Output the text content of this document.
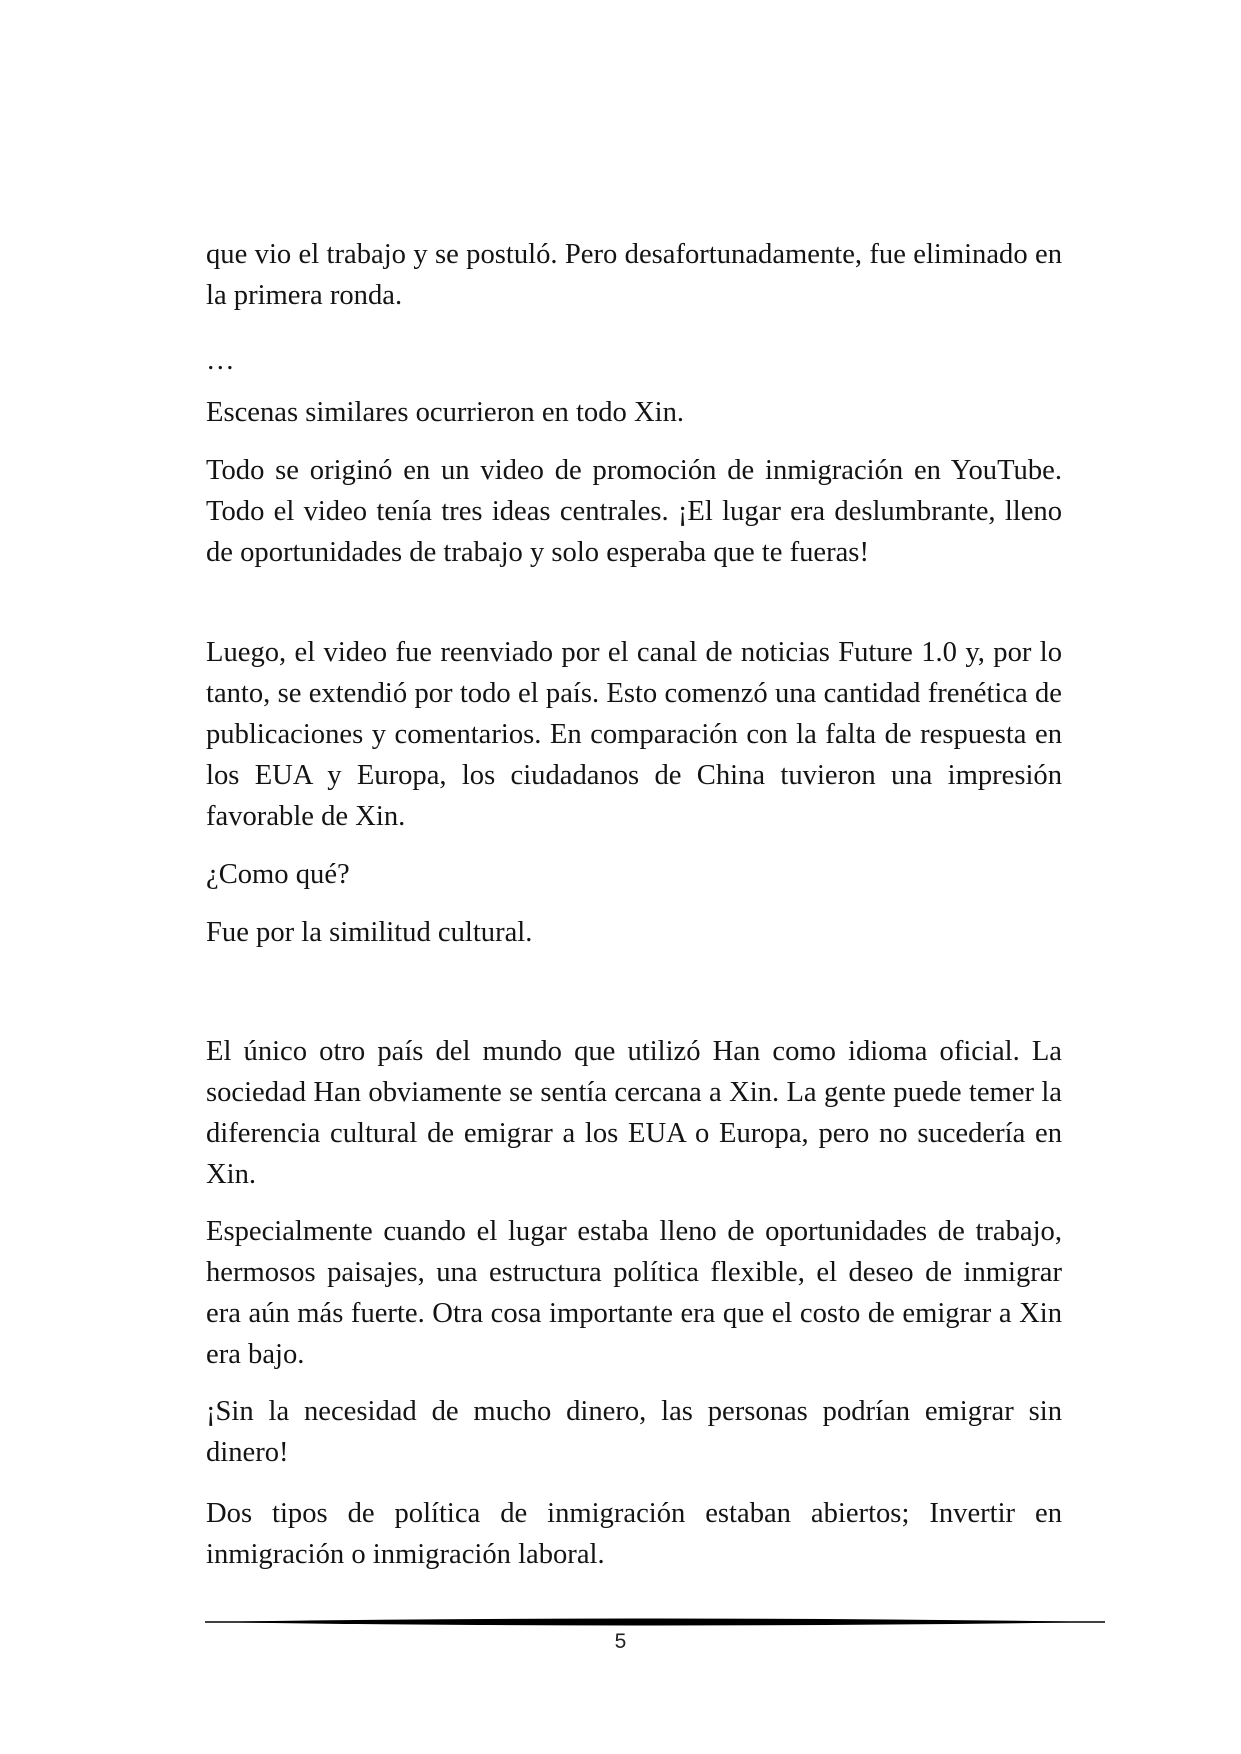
que vio el trabajo y se postuló. Pero desafortunadamente, fue eliminado en la primera ronda.
…
Escenas similares ocurrieron en todo Xin.
Todo se originó en un video de promoción de inmigración en YouTube. Todo el video tenía tres ideas centrales. ¡El lugar era deslumbrante, lleno de oportunidades de trabajo y solo esperaba que te fueras!
Luego, el video fue reenviado por el canal de noticias Future 1.0 y, por lo tanto, se extendió por todo el país. Esto comenzó una cantidad frenética de publicaciones y comentarios. En comparación con la falta de respuesta en los EUA y Europa, los ciudadanos de China tuvieron una impresión favorable de Xin.
¿Como qué?
Fue por la similitud cultural.
El único otro país del mundo que utilizó Han como idioma oficial. La sociedad Han obviamente se sentía cercana a Xin. La gente puede temer la diferencia cultural de emigrar a los EUA o Europa, pero no sucedería en Xin.
Especialmente cuando el lugar estaba lleno de oportunidades de trabajo, hermosos paisajes, una estructura política flexible, el deseo de inmigrar era aún más fuerte. Otra cosa importante era que el costo de emigrar a Xin era bajo.
¡Sin la necesidad de mucho dinero, las personas podrían emigrar sin dinero!
Dos tipos de política de inmigración estaban abiertos; Invertir en inmigración o inmigración laboral.
5
